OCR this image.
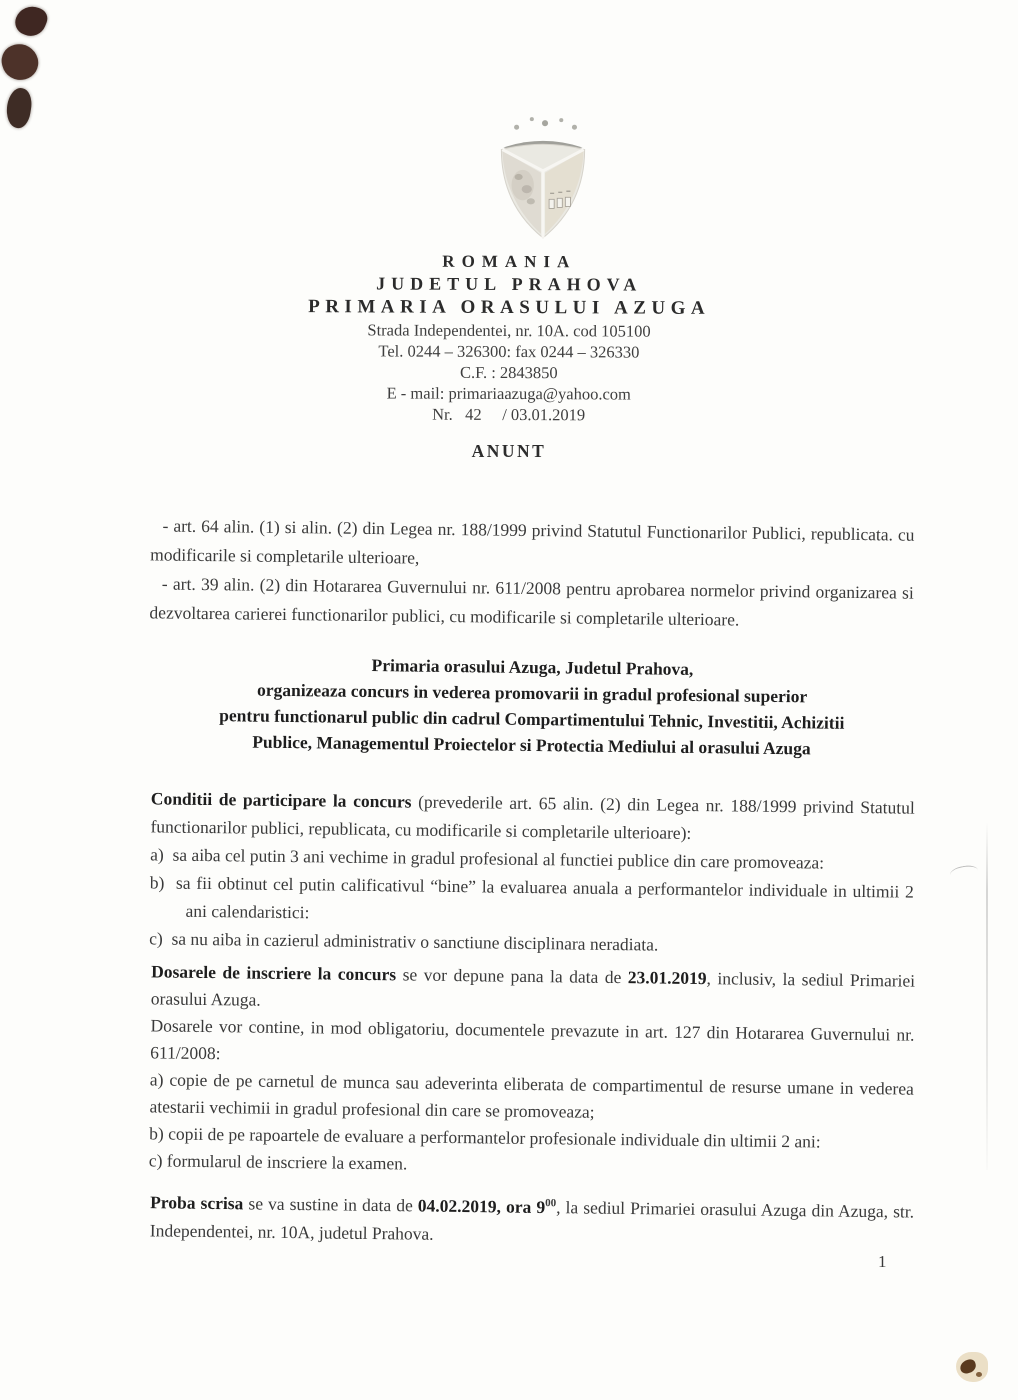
ROMANIA
JUDETUL PRAHOVA
PRIMARIA ORASULUI AZUGA
Strada Independentei, nr. 10A. cod 105100
Tel. 0244 – 326300: fax 0244 – 326330
C.F. : 2843850
E - mail: primariaazuga@yahoo.com
Nr.   42     / 03.01.2019
ANUNT

- art. 64 alin. (1) si alin. (2) din Legea nr. 188/1999 privind Statutul Functionarilor Publici, republicata. cu modificarile si completarile ulterioare,

- art. 39 alin. (2) din Hotararea Guvernului nr. 611/2008 pentru aprobarea normelor privind organizarea si dezvoltarea carierei functionarilor publici, cu modificarile si completarile ulterioare.

Primaria orasului Azuga, Judetul Prahova,
organizeaza concurs in vederea promovarii in gradul profesional superior
pentru functionarul public din cadrul Compartimentului Tehnic, Investitii, Achizitii
Publice, Managementul Proiectelor si Protectia Mediului al orasului Azuga

Conditii de participare la concurs (prevederile art. 65 alin. (2) din Legea nr. 188/1999 privind Statutul functionarilor publici, republicata, cu modificarile si completarile ulterioare):

a)  sa aiba cel putin 3 ani vechime in gradul profesional al functiei publice din care promoveaza:

b)  sa fii obtinut cel putin calificativul “bine” la evaluarea anuala a performantelor individuale in ultimii 2 ani calendaristici:

c)  sa nu aiba in cazierul administrativ o sanctiune disciplinara neradiata.

Dosarele de inscriere la concurs se vor depune pana la data de 23.01.2019, inclusiv, la sediul Primariei orasului Azuga.

Dosarele vor contine, in mod obligatoriu, documentele prevazute in art. 127 din Hotararea Guvernului nr. 611/2008:

a) copie de pe carnetul de munca sau adeverinta eliberata de compartimentul de resurse umane in vederea atestarii vechimii in gradul profesional din care se promoveaza;

b) copii de pe rapoartele de evaluare a performantelor profesionale individuale din ultimii 2 ani:

c) formularul de inscriere la examen.

Proba scrisa se va sustine in data de 04.02.2019, ora $9^{00}$, la sediul Primariei orasului Azuga din Azuga, str. Independentei, nr. 10A, judetul Prahova.

1
